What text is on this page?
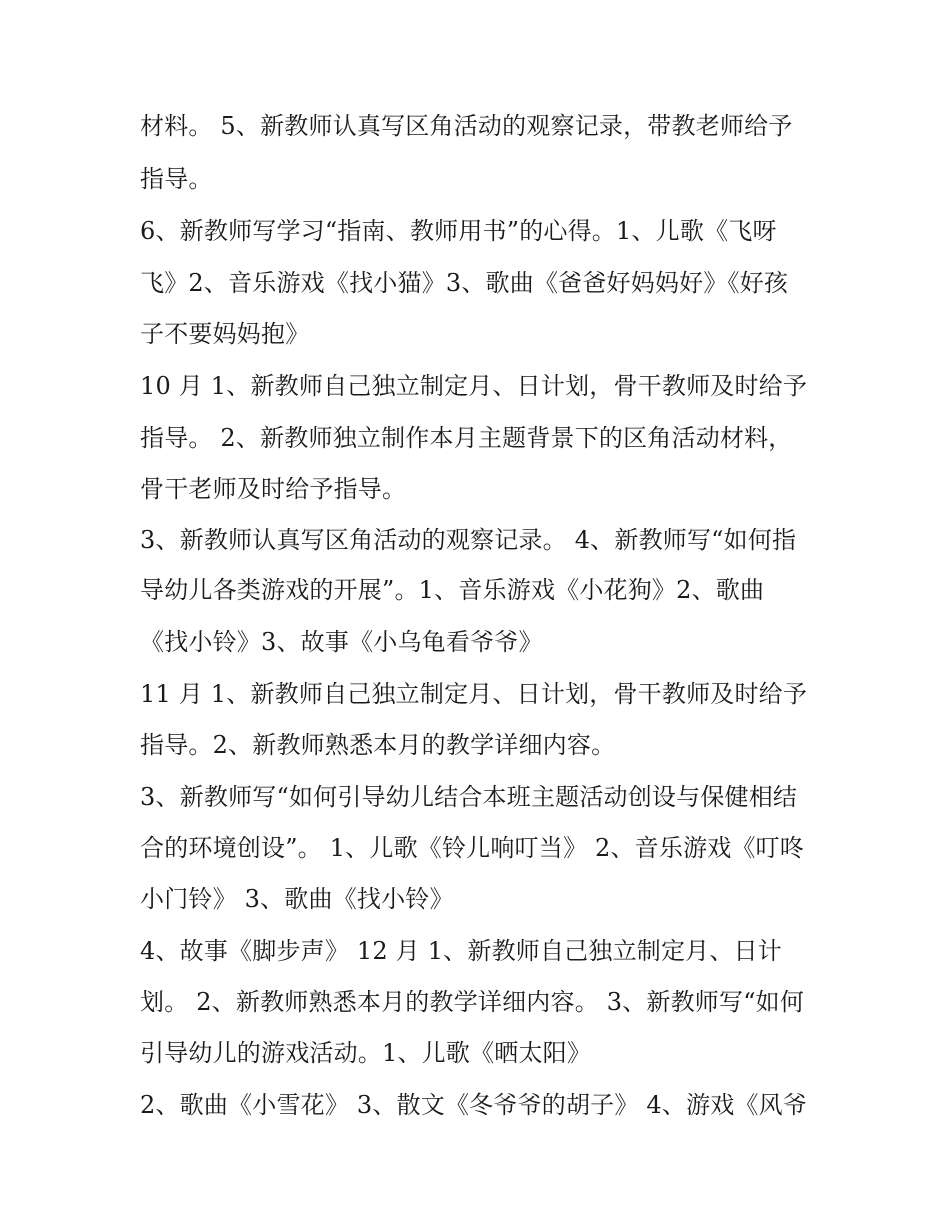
材料。 5、新教师认真写区角活动的观察记录，带教老师给予
指导。
6、新教师写学习“指南、教师用书”的心得。1、儿歌《飞呀
飞》2、音乐游戏《找小猫》3、歌曲《爸爸好妈妈好》《好孩
子不要妈妈抱》
10 月 1、新教师自己独立制定月、日计划，骨干教师及时给予
指导。 2、新教师独立制作本月主题背景下的区角活动材料，
骨干老师及时给予指导。
3、新教师认真写区角活动的观察记录。 4、新教师写“如何指
导幼儿各类游戏的开展”。1、音乐游戏《小花狗》2、歌曲
《找小铃》3、故事《小乌龟看爷爷》
11 月 1、新教师自己独立制定月、日计划，骨干教师及时给予
指导。2、新教师熟悉本月的教学详细内容。
3、新教师写“如何引导幼儿结合本班主题活动创设与保健相结
合的环境创设”。 1、儿歌《铃儿响叮当》 2、音乐游戏《叮咚
小门铃》 3、歌曲《找小铃》
4、故事《脚步声》 12 月 1、新教师自己独立制定月、日计
划。 2、新教师熟悉本月的教学详细内容。 3、新教师写“如何
引导幼儿的游戏活动。1、儿歌《晒太阳》
2、歌曲《小雪花》 3、散文《冬爷爷的胡子》 4、游戏《风爷
